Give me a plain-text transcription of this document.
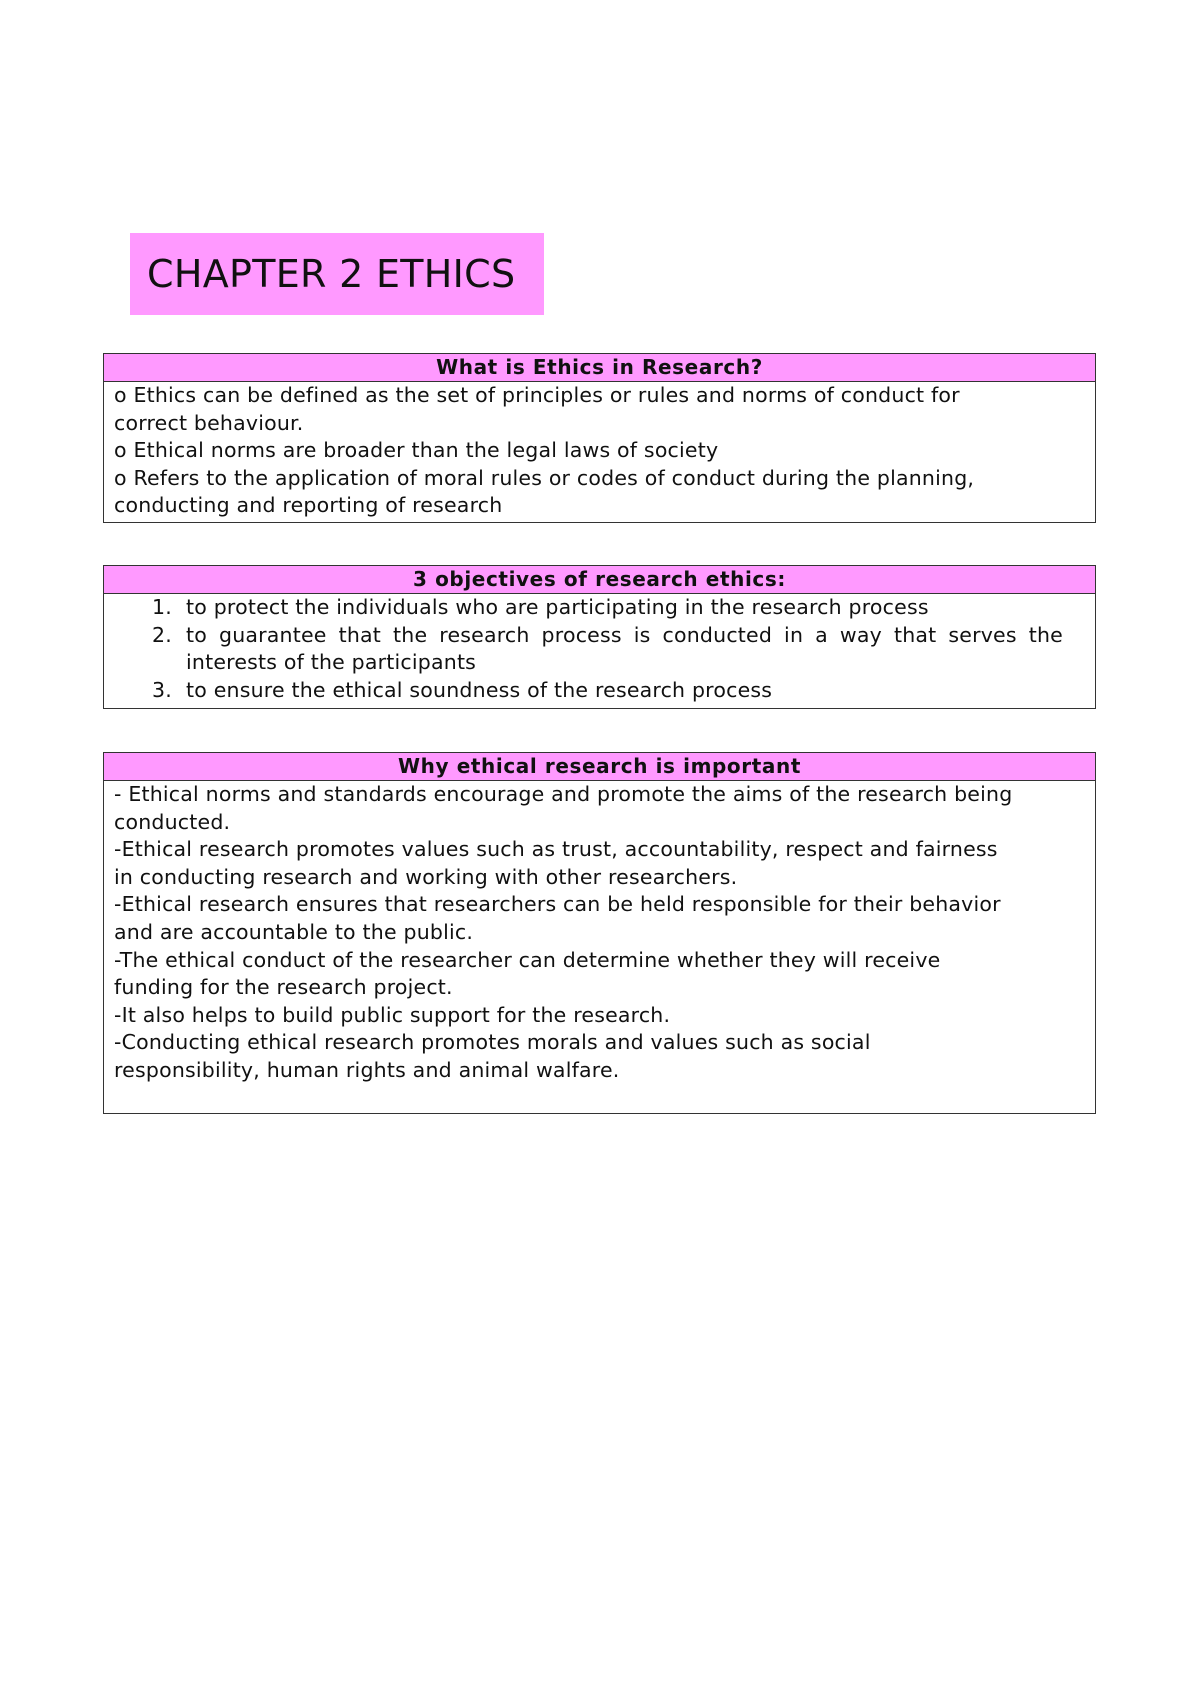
CHAPTER 2 ETHICS
What is Ethics in Research?
o Ethics can be defined as the set of principles or rules and norms of conduct for
correct behaviour.
o Ethical norms are broader than the legal laws of society
o Refers to the application of moral rules or codes of conduct during the planning,
conducting and reporting of research
3 objectives of research ethics:
1. to protect the individuals who are participating in the research process
2. to guarantee that the research process is conducted in a way that serves the interests of the participants
3. to ensure the ethical soundness of the research process
Why ethical research is important
- Ethical norms and standards encourage and promote the aims of the research being
conducted.
-Ethical research promotes values such as trust, accountability, respect and fairness
in conducting research and working with other researchers.
-Ethical research ensures that researchers can be held responsible for their behavior
and are accountable to the public.
-The ethical conduct of the researcher can determine whether they will receive
funding for the research project.
-It also helps to build public support for the research.
-Conducting ethical research promotes morals and values such as social
responsibility, human rights and animal walfare.
